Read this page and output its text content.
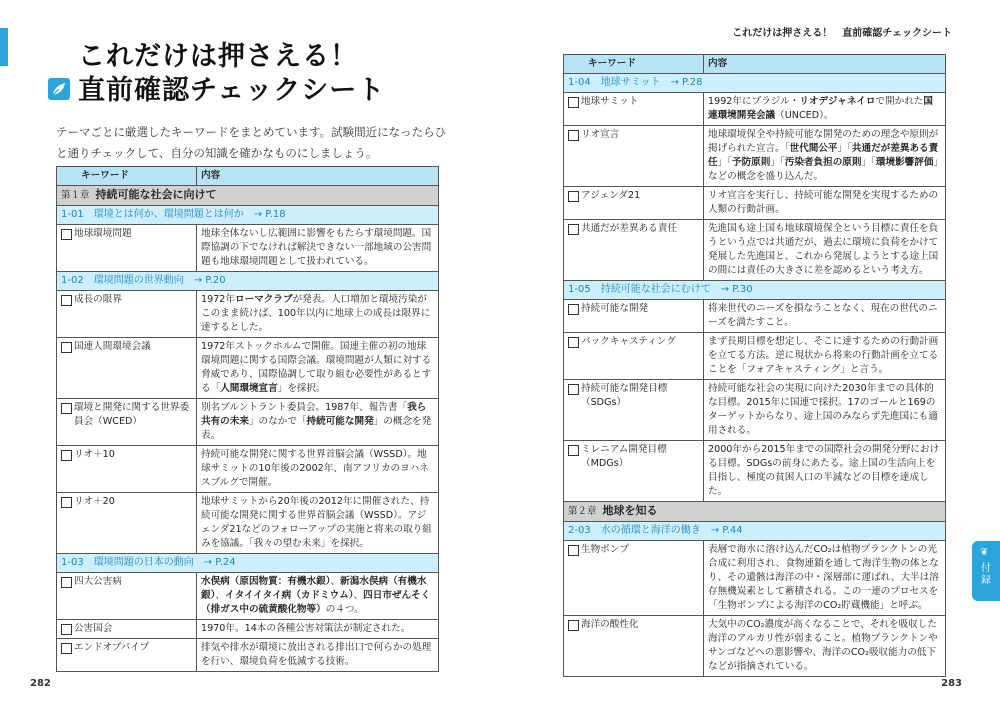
これだけは押さえる！
直前確認チェックシート
テーマごとに厳選したキーワードをまとめています。試験間近になったらひと通りチェックして、自分の知識を確かなものにしましょう。
キーワード	内容
第１章 持続可能な社会に向けて	
1-01　環境とは何か、環境問題とは何か　→ P.18	

地球環境問題	地球全体ないし広範囲に影響をもたらす環境問題。国際協調の下でなければ解決できない一部地域の公害問題も地球環境問題として扱われている。
1-02　環境問題の世界動向　→ P.20	

成長の限界	1972年ローマクラブが発表。人口増加と環境汚染がこのまま続けば、100年以内に地球上の成長は限界に達するとした。

国連人間環境会議	1972年ストックホルムで開催。国連主催の初の地球環境問題に関する国際会議。環境問題が人類に対する脅威であり、国際協調して取り組む必要性があるとする「人間環境宣言」を採択。

環境と開発に関する世界委員会（WCED）	別名ブルントラント委員会。1987年、報告書「我ら共有の未来」のなかで「持続可能な開発」の概念を発表。

リオ＋10	持続可能な開発に関する世界首脳会議（WSSD）。地球サミットの10年後の2002年、南アフリカのヨハネスブルグで開催。

リオ＋20	地球サミットから20年後の2012年に開催された、持続可能な開発に関する世界首脳会議（WSSD）。アジェンダ21などのフォローアップの実施と将来の取り組みを協議。「我々の望む未来」を採択。
1-03　環境問題の日本の動向　→ P.24	

四大公害病	水俣病（原因物質：有機水銀）、新潟水俣病（有機水銀）、イタイイタイ病（カドミウム）、四日市ぜんそく（排ガス中の硫黄酸化物等）の４つ。

公害国会	1970年。14本の各種公害対策法が制定された。

エンドオブパイプ	排気や排水が環境に放出される排出口で何らかの処理を行い、環境負荷を低減する技術。
282
これだけは押さえる！　直前確認チェックシート
キーワード	内容
1-04　地球サミット　→ P.28	

地球サミット	1992年にブラジル・リオデジャネイロで開かれた国連環境開発会議（UNCED）。

リオ宣言	地球環境保全や持続可能な開発のための理念や原則が掲げられた宣言。「世代間公平」「共通だが差異ある責任」「予防原則」「汚染者負担の原則」「環境影響評価」などの概念を盛り込んだ。

アジェンダ21	リオ宣言を実行し、持続可能な開発を実現するための人類の行動計画。

共通だが差異ある責任	先進国も途上国も地球環境保全という目標に責任を負うという点では共通だが、過去に環境に負荷をかけて発展した先進国と、これから発展しようとする途上国の間には責任の大きさに差を認めるという考え方。
1-05　持続可能な社会にむけて　→ P.30	

持続可能な開発	将来世代のニーズを損なうことなく、現在の世代のニーズを満たすこと。

バックキャスティング	まず長期目標を想定し、そこに達するための行動計画を立てる方法。逆に現状から将来の行動計画を立てることを「フォアキャスティング」と言う。

持続可能な開発目標（SDGs）	持続可能な社会の実現に向けた2030年までの具体的な目標。2015年に国連で採択。17のゴールと169のターゲットからなり、途上国のみならず先進国にも適用される。

ミレニアム開発目標（MDGs）	2000年から2015年までの国際社会の開発分野における目標。SDGsの前身にあたる。途上国の生活向上を目指し、極度の貧困人口の半減などの目標を達成した。
第２章 地球を知る	
2-03　水の循環と海洋の働き　→ P.44	

生物ポンプ	表層で海水に溶け込んだCO₂は植物プランクトンの光合成に利用され、食物連鎖を通して海洋生物の体となり、その遺骸は海洋の中・深層部に運ばれ、大半は溶存無機炭素として蓄積される。この一連のプロセスを「生物ポンプによる海洋のCO₂貯蔵機能」と呼ぶ。

海洋の酸性化	大気中のCO₂濃度が高くなることで、それを吸収した海洋のアルカリ性が弱まること。植物プランクトンやサンゴなどへの悪影響や、海洋のCO₂吸収能力の低下などが指摘されている。
❦
付録
283
